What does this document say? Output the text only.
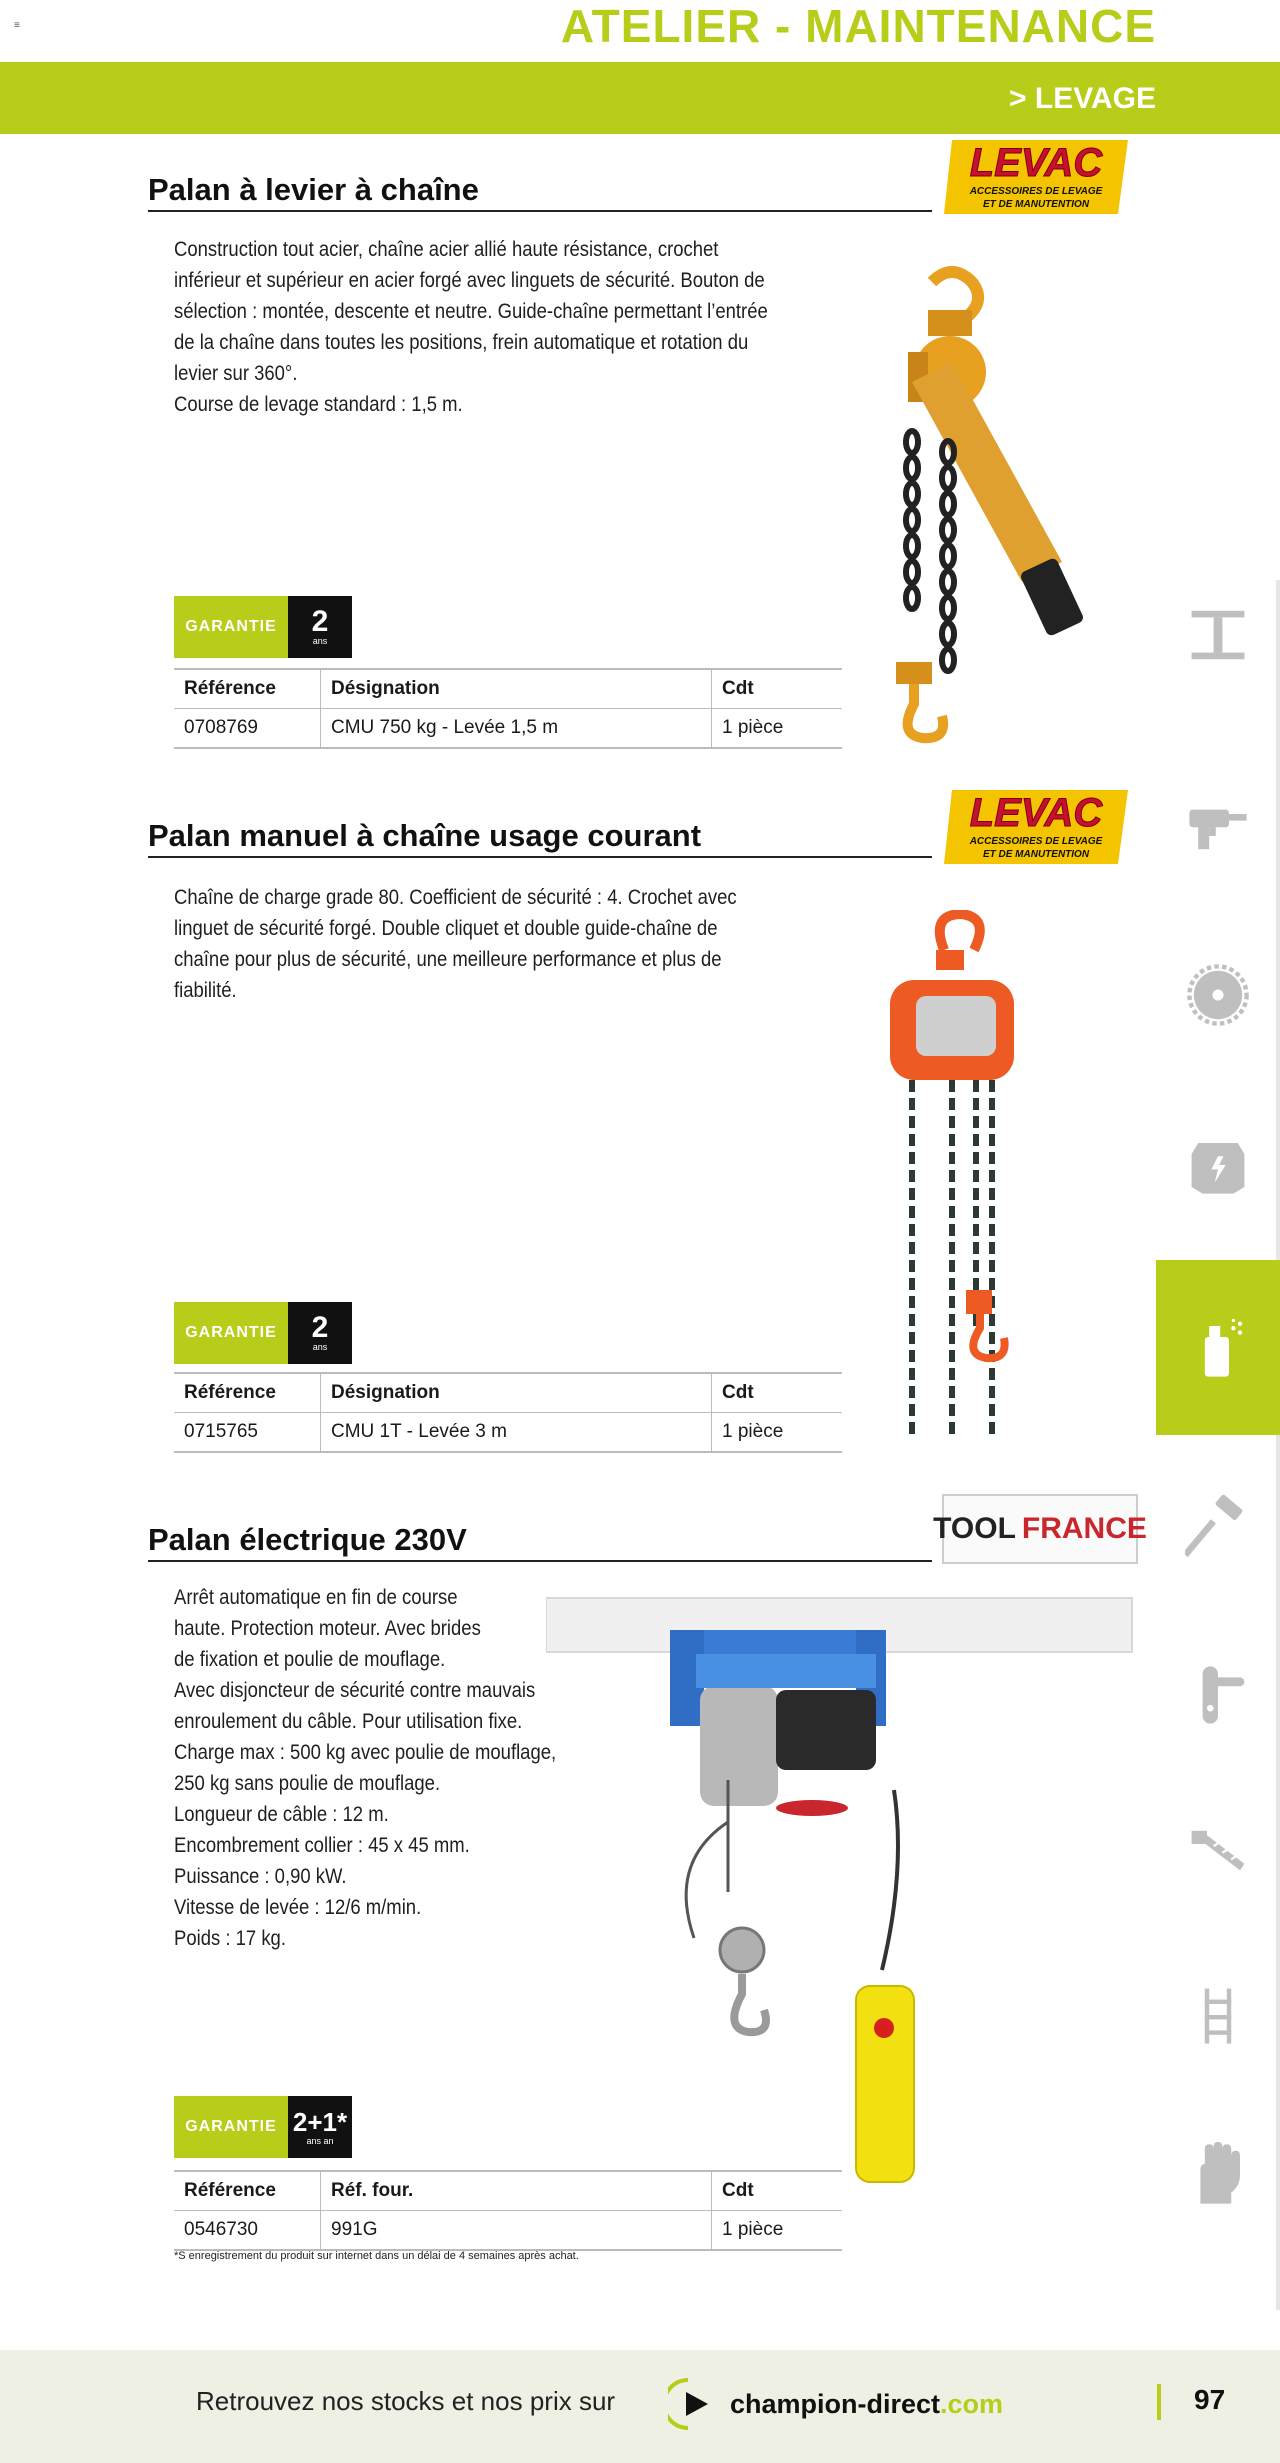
≡	ATELIER - MAINTENANCE
> LEVAGE
Palan à levier à chaîne
LEVAC
ACCESSOIRES DE LEVAGE
ET DE MANUTENTION

Construction tout acier, chaîne acier allié haute résistance, crochet

inférieur et supérieur en acier forgé avec linguets de sécurité. Bouton de

sélection : montée, descente et neutre. Guide-chaîne permettant l’entrée

de la chaîne dans toutes les positions, frein automatique et rotation du

levier sur 360°.

Course de levage standard : 1,5 m.

GARANTIE	2
ans
Référence	Désignation	Cdt
0708769	CMU 750 kg - Levée 1,5 m	1 pièce
Palan manuel à chaîne usage courant
LEVAC
ACCESSOIRES DE LEVAGE
ET DE MANUTENTION

Chaîne de charge grade 80. Coefficient de sécurité : 4. Crochet avec

linguet de sécurité forgé. Double cliquet et double guide-chaîne de

chaîne pour plus de sécurité, une meilleure performance et plus de

fiabilité.

GARANTIE	2
ans
Référence	Désignation	Cdt
0715765	CMU 1T - Levée 3 m	1 pièce
Palan électrique 230V	TOOL FRANCE

Arrêt automatique en fin de course

haute. Protection moteur. Avec brides

de fixation et poulie de mouflage.

Avec disjoncteur de sécurité contre mauvais

enroulement du câble. Pour utilisation fixe.

Charge max : 500 kg avec poulie de mouflage,

250 kg sans poulie de mouflage.

Longueur de câble : 12 m.

Encombrement collier : 45 x 45 mm.

Puissance : 0,90 kW.

Vitesse de levée : 12/6 m/min.

Poids : 17 kg.

GARANTIE 2+1*
ans an
Référence	Réf. four.	Cdt
0546730	991G	1 pièce
*S enregistrement du produit sur internet dans un délai de 4 semaines après achat.
Retrouvez nos stocks et nos prix sur	champion-direct.com	97
